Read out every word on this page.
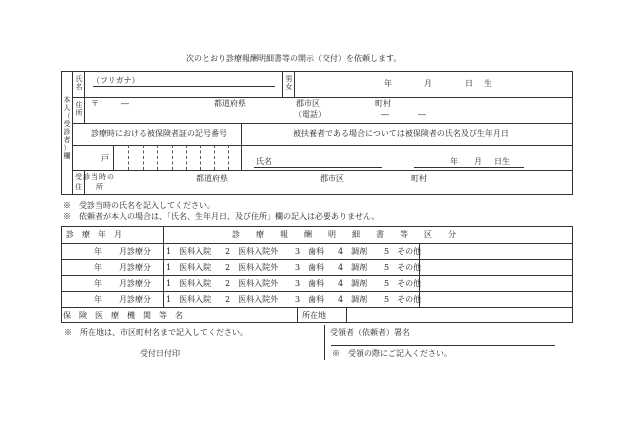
次のとおり診療報酬明細書等の開示（交付）を依頼します。
本
人
（
受
診
者
）
欄
氏
名
（フリガナ）	男
女	年	月	日 生
住
所
〒	―	都道府県	郡市区	町村
（電話）	―	―
診療時における被保険者証の記号番号	被扶養者である場合については被保険者の氏名及び生年月日
戸	氏名	年 月 日生
受診当時の
住　　所
都道府県	郡市区	町村
※　受診当時の氏名を記入してください。
※　依頼者が本人の場合は、「氏名、生年月日、及び住所」欄の記入は必要ありません。
診　療　年　月	診　　療　　報　　酬　　明　　細　　書　　等　　区　　分
年 月診療分 1　医科入院 2　医科入院外 3　歯科 4　調剤 5　その他
年 月診療分 1　医科入院 2　医科入院外 3　歯科 4　調剤 5　その他
年 月診療分 1　医科入院 2　医科入院外 3　歯科 4　調剤 5　その他
年 月診療分 1　医科入院 2　医科入院外 3　歯科 4　調剤 5　その他
保　険　医　療　機　関　等　名	所在地
※　所在地は、市区町村名まで記入してください。
受付日付印
受領者（依頼者）署名
※　受領の際にご記入ください。
